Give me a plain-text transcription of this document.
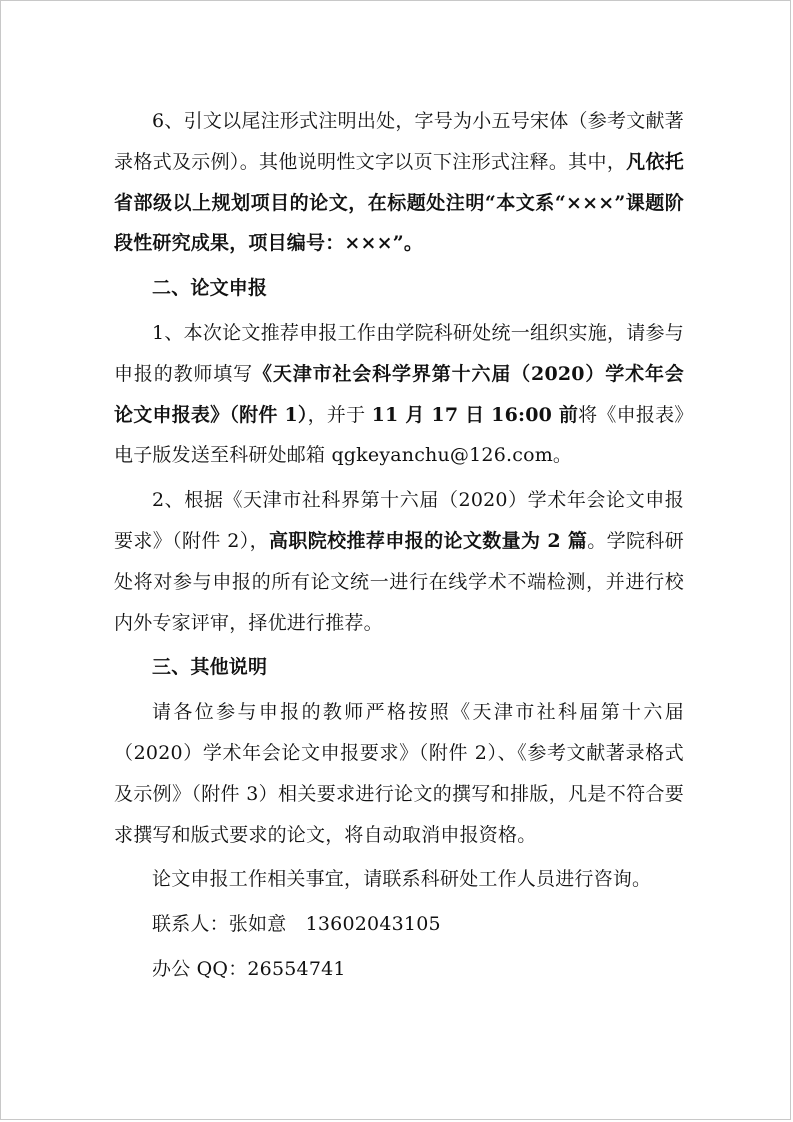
6、引文以尾注形式注明出处，字号为小五号宋体（参考文献著录格式及示例）。其他说明性文字以页下注形式注释。其中，凡依托省部级以上规划项目的论文，在标题处注明“本文系“×××”课题阶段性研究成果，项目编号：×××”。

二、论文申报

1、本次论文推荐申报工作由学院科研处统一组织实施，请参与申报的教师填写《天津市社会科学界第十六届（2020）学术年会论文申报表》（附件 1），并于 11 月 17 日 16:00 前将《申报表》电子版发送至科研处邮箱 qgkeyanchu@126.com。

2、根据《天津市社科界第十六届（2020）学术年会论文申报要求》（附件 2），高职院校推荐申报的论文数量为 2 篇。学院科研处将对参与申报的所有论文统一进行在线学术不端检测，并进行校内外专家评审，择优进行推荐。

三、其他说明

请各位参与申报的教师严格按照《天津市社科届第十六届（2020）学术年会论文申报要求》（附件 2）、《参考文献著录格式及示例》（附件 3）相关要求进行论文的撰写和排版，凡是不符合要求撰写和版式要求的论文，将自动取消申报资格。

论文申报工作相关事宜，请联系科研处工作人员进行咨询。

联系人：张如意　13602043105

办公 QQ：26554741
